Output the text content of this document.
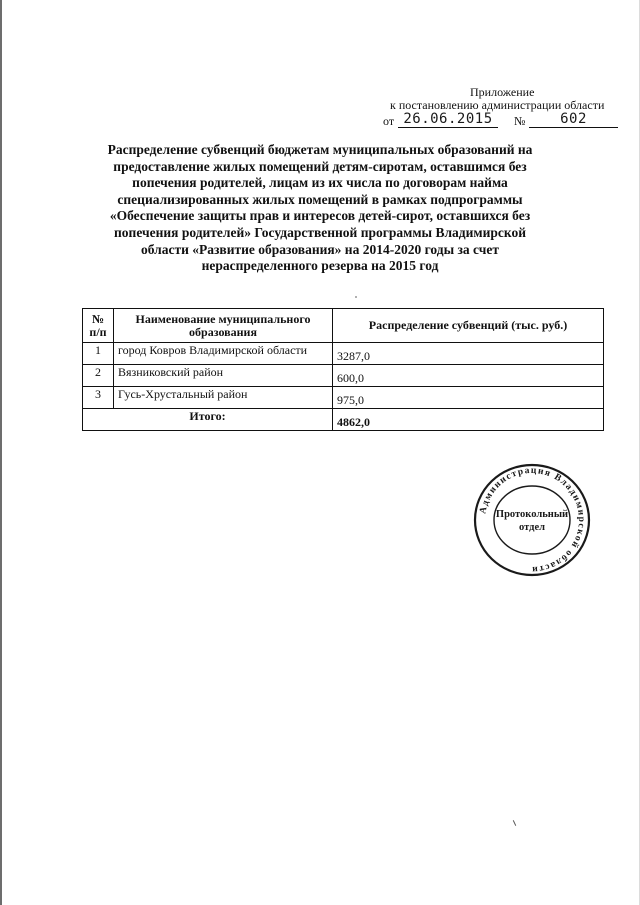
Приложение
к постановлению администрации области
от 26.06.2015	№	602
Распределение субвенций бюджетам муниципальных образований на предоставление жилых помещений детям-сиротам, оставшимся без попечения родителей, лицам из их числа по договорам найма специализированных жилых помещений в рамках подпрограммы «Обеспечение защиты прав и интересов детей-сирот, оставшихся без попечения родителей» Государственной программы Владимирской области «Развитие образования» на 2014-2020 годы за счет нераспределенного резерва на 2015 год
№ п/п	Наименование муниципального образования	Распределение субвенций (тыс. руб.)
1	город Ковров Владимирской области	3287,0
2	Вязниковский район	600,0
3	Гусь-Хрустальный район	975,0
Итого:		4862,0
Администрация Владимирской области
Протокольный
отдел
